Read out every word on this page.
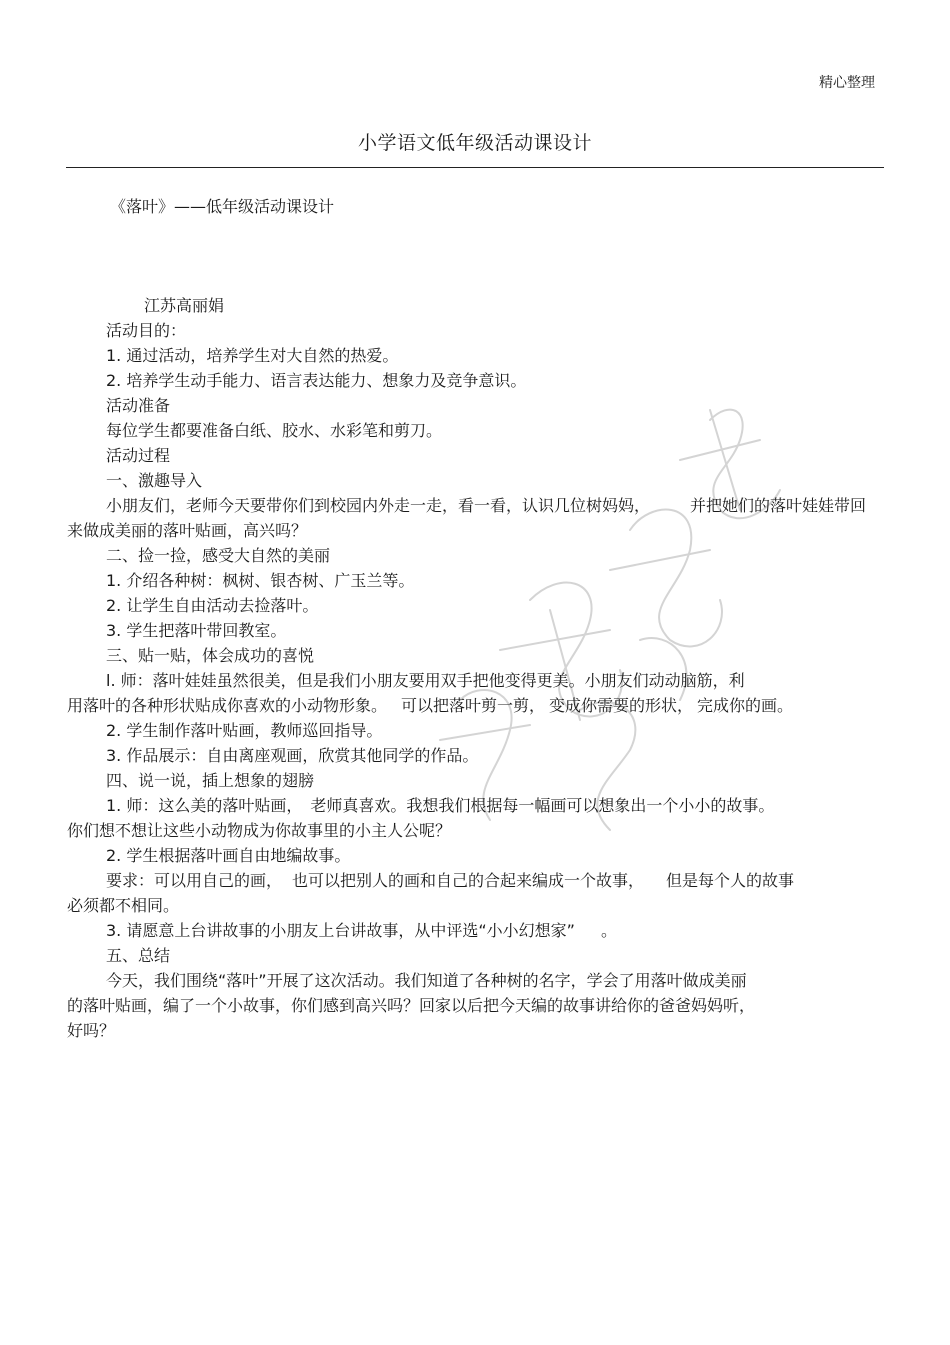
精心整理
小学语文低年级活动课设计
《落叶》——低年级活动课设计

江苏高丽娟

活动目的：

1. 通过活动，培养学生对大自然的热爱。

2. 培养学生动手能力、语言表达能力、想象力及竞争意识。

活动准备

每位学生都要准备白纸、胶水、水彩笔和剪刀。

活动过程

一、激趣导入

小朋友们，老师今天要带你们到校园内外走一走，看一看，认识几位树妈妈，	并把她们的落叶娃娃带回来做成美丽的落叶贴画，高兴吗？

二、捡一捡，感受大自然的美丽

1. 介绍各种树：枫树、银杏树、广玉兰等。

2. 让学生自由活动去捡落叶。

3. 学生把落叶带回教室。

三、贴一贴，体会成功的喜悦

l. 师：落叶娃娃虽然很美，但是我们小朋友要用双手把他变得更美。小朋友们动动脑筋，利

用落叶的各种形状贴成你喜欢的小动物形象。 可以把落叶剪一剪， 变成你需要的形状， 完成你的画。

2. 学生制作落叶贴画，教师巡回指导。

3. 作品展示：自由离座观画，欣赏其他同学的作品。

四、说一说，插上想象的翅膀

1. 师：这么美的落叶贴画， 老师真喜欢。我想我们根据每一幅画可以想象出一个小小的故事。

你们想不想让这些小动物成为你故事里的小主人公呢？

2. 学生根据落叶画自由地编故事。

要求：可以用自己的画， 也可以把别人的画和自己的合起来编成一个故事， 但是每个人的故事

必须都不相同。

3. 请愿意上台讲故事的小朋友上台讲故事，从中评选“小小幻想家” 。

五、总结

今天，我们围绕“落叶”开展了这次活动。我们知道了各种树的名字，学会了用落叶做成美丽

的落叶贴画，编了一个小故事，你们感到高兴吗？回家以后把今天编的故事讲给你的爸爸妈妈听，

好吗？
